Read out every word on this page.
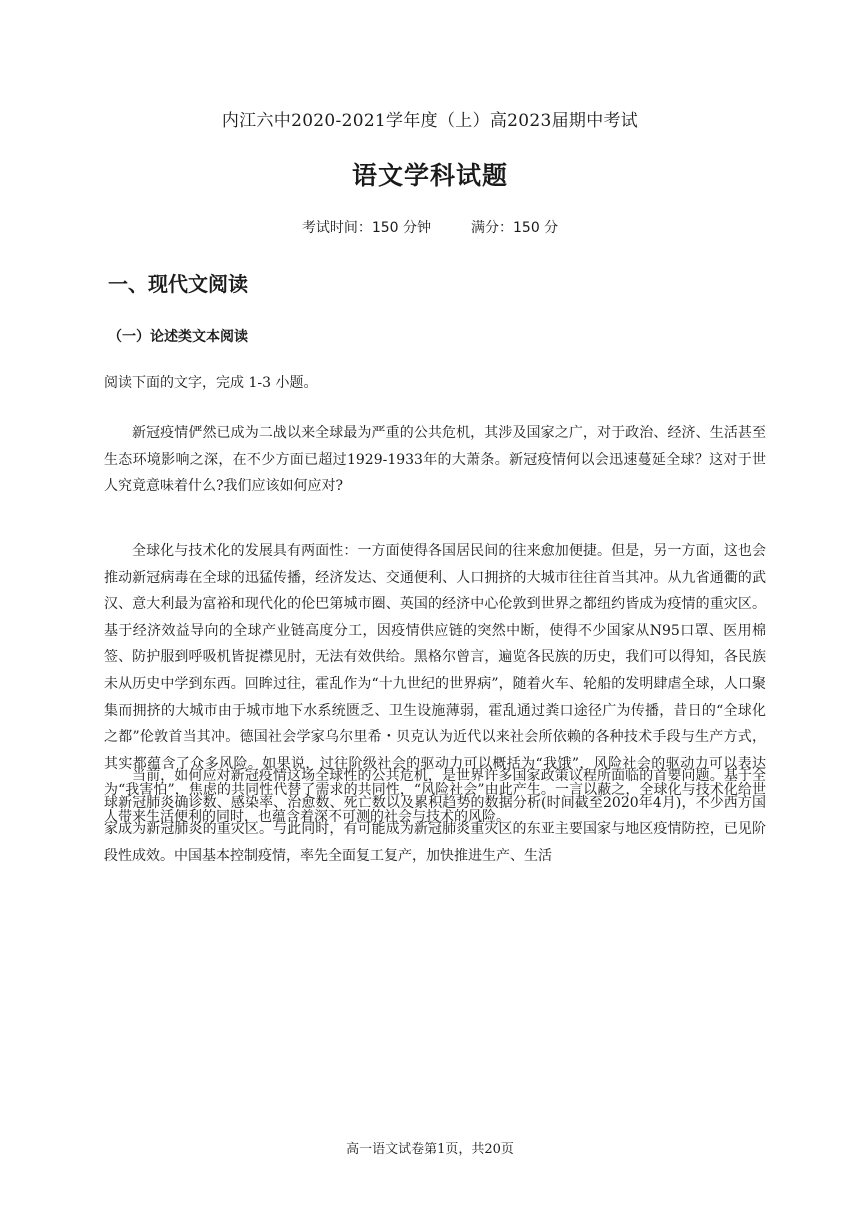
内江六中2020-2021学年度（上）高2023届期中考试
语文学科试题
考试时间：150 分钟	满分：150 分
一、现代文阅读
（一）论述类文本阅读
阅读下面的文字，完成 1-3 小题。

新冠疫情俨然已成为二战以来全球最为严重的公共危机，其涉及国家之广，对于政治、经济、生活甚至生态环境影响之深，在不少方面已超过1929-1933年的大萧条。新冠疫情何以会迅速蔓延全球？这对于世人究竟意味着什么?我们应该如何应对?

全球化与技术化的发展具有两面性：一方面使得各国居民间的往来愈加便捷。但是，另一方面，这也会推动新冠病毒在全球的迅猛传播，经济发达、交通便利、人口拥挤的大城市往往首当其冲。从九省通衢的武汉、意大利最为富裕和现代化的伦巴第城市圈、英国的经济中心伦敦到世界之都纽约皆成为疫情的重灾区。基于经济效益导向的全球产业链高度分工，因疫情供应链的突然中断，使得不少国家从N95口罩、医用棉签、防护服到呼吸机皆捉襟见肘，无法有效供给。黑格尔曾言，遍览各民族的历史，我们可以得知，各民族未从历史中学到东西。回眸过往，霍乱作为“十九世纪的世界病”，随着火车、轮船的发明肆虐全球，人口聚集而拥挤的大城市由于城市地下水系统匮乏、卫生设施薄弱，霍乱通过粪口途径广为传播，昔日的“全球化之都”伦敦首当其冲。德国社会学家乌尔里希・贝克认为近代以来社会所依赖的各种技术手段与生产方式，其实都蕴含了众多风险。如果说，过往阶级社会的驱动力可以概括为“我饿”，风险社会的驱动力可以表达为“我害怕”，焦虑的共同性代替了需求的共同性，“风险社会”由此产生。一言以蔽之，全球化与技术化给世人带来生活便利的同时，也蕴含着深不可测的社会与技术的风险。

当前，如何应对新冠疫情这场全球性的公共危机，是世界许多国家政策议程所面临的首要问题。基于全球新冠肺炎确诊数、感染率、治愈数、死亡数以及累积趋势的数据分析(时间截至2020年4月)，不少西方国家成为新冠肺炎的重灾区。与此同时，有可能成为新冠肺炎重灾区的东亚主要国家与地区疫情防控，已见阶段性成效。中国基本控制疫情，率先全面复工复产，加快推进生产、生活

高一语文试卷第1页，共20页
